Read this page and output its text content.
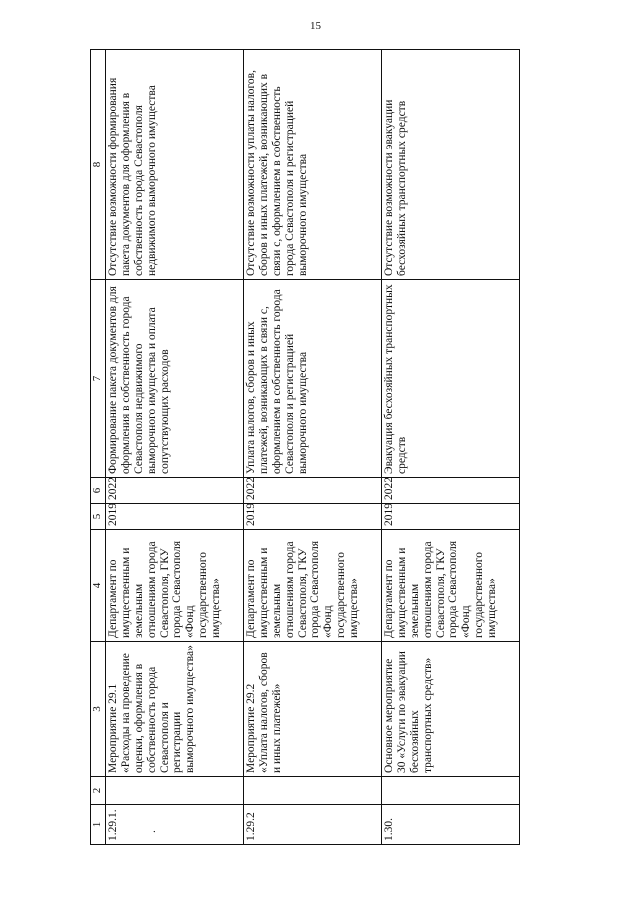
15
1	2	3	4	5	6	7	8
1.29.1. .		Мероприятие 29.1 «Расходы на проведение оценки, оформления в собственность города Севастополя и регистрации выморочного имущества»	Департамент по имущественным и земельным отношениям города Севастополя, ГКУ города Севастополя «Фонд государственного имущества»	2019	2022	Формирование пакета документов для оформления в собственность города Севастополя недвижимого выморочного имущества и оплата сопутствующих расходов	Отсутствие возможности формирования пакета документов для оформления в собственность города Севастополя недвижимого выморочного имущества
1.29.2		Мероприятие 29.2 «Уплата налогов, сборов и иных платежей»	Департамент по имущественным и земельным отношениям города Севастополя, ГКУ города Севастополя «Фонд государственного имущества»	2019	2022	Уплата налогов, сборов и иных платежей, возникающих в связи с, оформлением в собственность города Севастополя и регистрацией выморочного имущества	Отсутствие возможности уплаты налогов, сборов и иных платежей, возникающих в связи с, оформлением в собственность города Севастополя и регистрацией выморочного имущества
1.30.		Основное мероприятие 30 «Услуги по эвакуации бесхозяйных транспортных средств»	Департамент по имущественным и земельным отношениям города Севастополя, ГКУ города Севастополя «Фонд государственного имущества»	2019	2022	Эвакуация бесхозяйных транспортных средств	Отсутствие возможности эвакуации бесхозяйных транспортных средств
